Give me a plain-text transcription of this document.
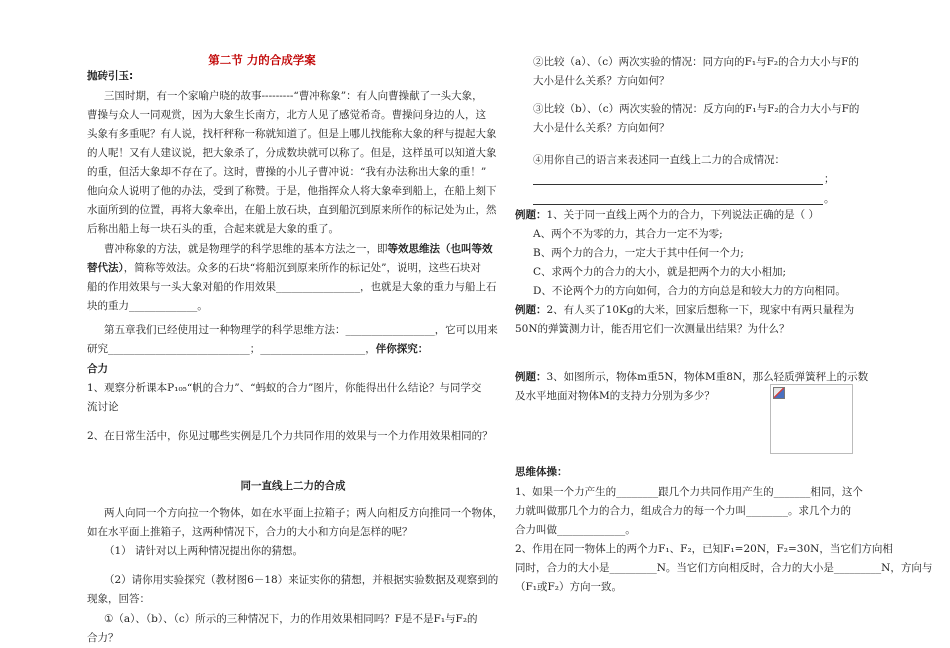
第二节 力的合成学案
抛砖引玉:
三国时期，有一个家喻户晓的故事---------“曹冲称象”：有人向曹操献了一头大象，
曹操与众人一同观赏，因为大象生长南方，北方人见了感觉希奇。曹操问身边的人，这
头象有多重呢？有人说，找杆秤称一称就知道了。但是上哪儿找能称大象的秤与提起大象
的人呢！又有人建议说，把大象杀了，分成数块就可以称了。但是，这样虽可以知道大象
的重，但活大象却不存在了。这时，曹操的小儿子曹冲说：“我有办法称出大象的重！”
他向众人说明了他的办法，受到了称赞。于是，他指挥众人将大象牵到船上，在船上刻下
水面所到的位置，再将大象牵出，在船上放石块，直到船沉到原来所作的标记处为止，然
后称出船上每一块石头的重，合起来就是大象的重了。
曹冲称象的方法，就是物理学的科学思维的基本方法之一，即等效思维法（也叫等效
替代法），简称等效法。众多的石块“将船沉到原来所作的标记处”，说明，这些石块对
船的作用效果与一头大象对船的作用效果________________，也就是大象的重力与船上石
块的重力_____________。
第五章我们已经使用过一种物理学的科学思维方法：_________________，它可以用来
研究___________________________；____________________，伴你探究：
合力
1、观察分析课本P₁₀₅“帆的合力”、“蚂蚁的合力”图片，你能得出什么结论？与同学交
流讨论
2、在日常生活中，你见过哪些实例是几个力共同作用的效果与一个力作用效果相同的？
两人向同一个方向拉一个物体，如在水平面上拉箱子；两人向相反方向推同一个物体，
如在水平面上推箱子，这两种情况下，合力的大小和方向是怎样的呢？
（1） 请针对以上两种情况提出你的猜想。
（2）请你用实验探究（教材图6－18）来证实你的猜想，并根据实验数据及观察到的
现象，回答：
①（a）、（b）、（c）所示的三种情况下，力的作用效果相同吗？F是不是F₁与F₂的
合力？
同一直线上二力的合成
②比较（a）、（c）两次实验的情况：同方向的F₁与F₂的合力大小与F的
大小是什么关系？方向如何？
③比较（b）、（c）两次实验的情况：反方向的F₁与F₂的合力大小与F的
大小是什么关系？方向如何？
④用你自己的语言来表述同一直线上二力的合成情况：
；
。
例题：1、关于同一直线上两个力的合力，下列说法正确的是（ ）
A、两个不为零的力，其合力一定不为零;
B、两个力的合力，一定大于其中任何一个力;
C、求两个力的合力的大小，就是把两个力的大小相加;
D、不论两个力的方向如何，合力的方向总是和较大力的方向相同。
例题：2、有人买了10Kg的大米，回家后想称一下，现家中有两只量程为
50N的弹簧测力计，能否用它们一次测量出结果？为什么？
例题：3、如图所示，物体m重5N，物体M重8N，那么轻质弹簧秤上的示数
及水平地面对物体M的支持力分别为多少？
思维体操：
1、如果一个力产生的________跟几个力共同作用产生的_______相同，这个
力就叫做那几个力的合力，组成合力的每一个力叫________。求几个力的
合力叫做_____________。
2、作用在同一物体上的两个力F₁、F₂，已知F₁=20N，F₂=30N，当它们方向相
同时，合力的大小是_________N。当它们方向相反时，合力的大小是_________N，方向与
（F₁或F₂）方向一致。
